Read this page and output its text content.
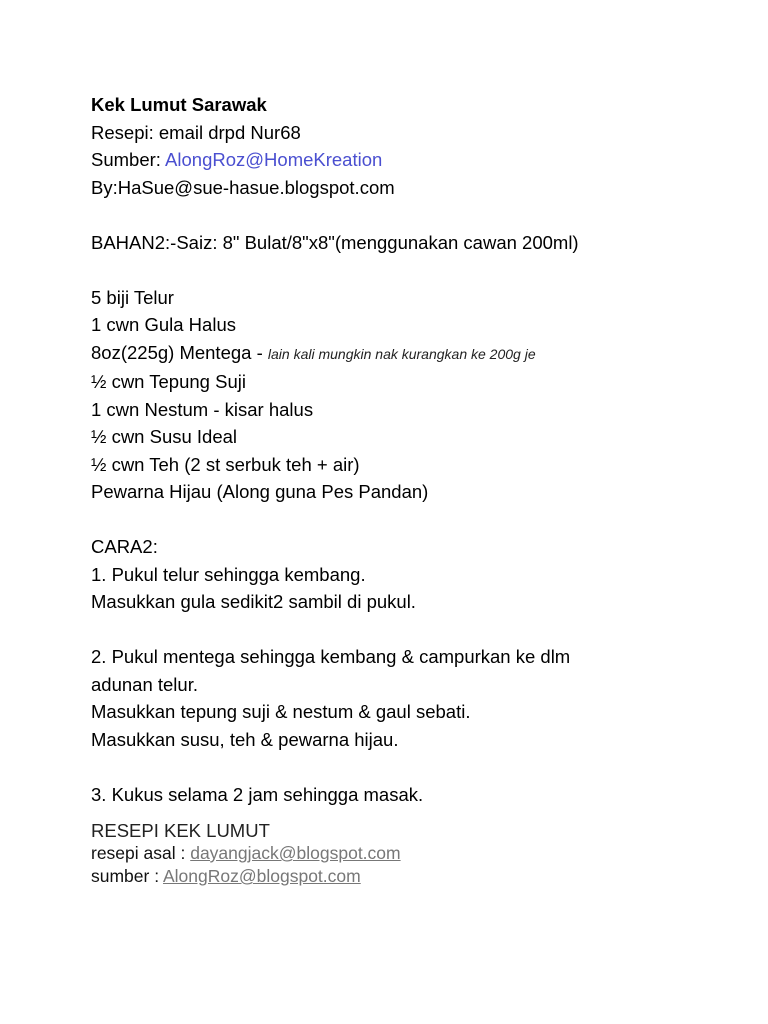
Kek Lumut Sarawak
Resepi: email drpd Nur68
Sumber: AlongRoz@HomeKreation
By:HaSue@sue-hasue.blogspot.com
BAHAN2:-Saiz: 8" Bulat/8"x8"(menggunakan cawan 200ml)
5 biji Telur
1 cwn Gula Halus
8oz(225g) Mentega - lain kali mungkin nak kurangkan ke 200g je
½ cwn Tepung Suji
1 cwn Nestum - kisar halus
½ cwn Susu Ideal
½ cwn Teh (2 st serbuk teh + air)
Pewarna Hijau (Along guna Pes Pandan)
CARA2:
1. Pukul telur sehingga kembang.
Masukkan gula sedikit2 sambil di pukul.
2. Pukul mentega sehingga kembang & campurkan ke dlm
adunan telur.
Masukkan tepung suji & nestum & gaul sebati.
Masukkan susu, teh & pewarna hijau.
3. Kukus selama 2 jam sehingga masak.
RESEPI KEK LUMUT
resepi asal : dayangjack@blogspot.com
sumber : AlongRoz@blogspot.com
